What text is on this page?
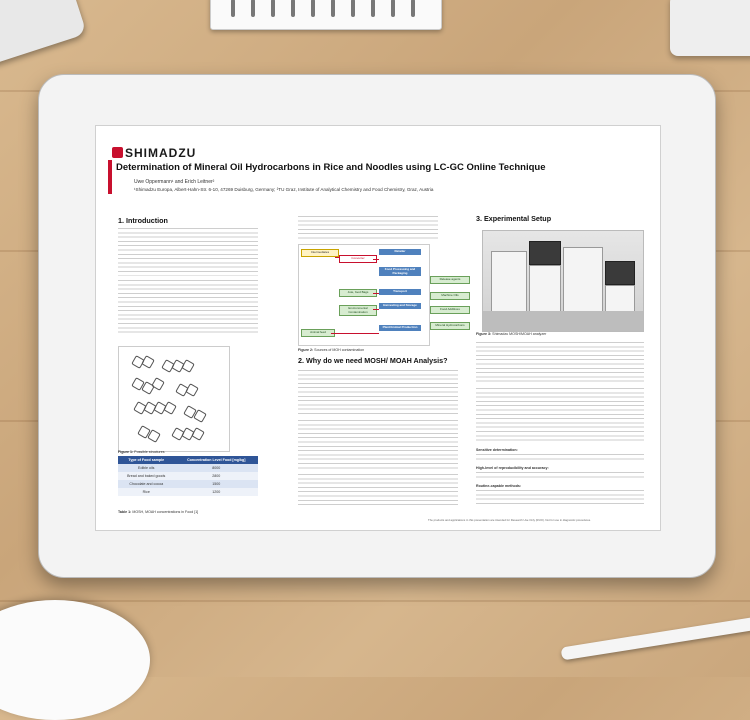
SHIMADZU
Determination of Mineral Oil Hydrocarbons in Rice and Noodles using LC-GC Online Technique
Uwe Oppermann¹ and Erich Leitner²
¹Shimadzu Europa, Albert-Hahn-Str. 6-10, 47269 Duisburg, Germany; ²TU Graz, Institute of Analytical Chemistry and Food Chemistry, Graz, Austria
1. Introduction
Figure 1: Possible structures
Type of Food sample	Concentration Level Food [mg/kg]
Edible oils	8000
Bread and baked goods	2800
Chocolate and cocoa	1500
Rice	1200
Table 1: MOSH, MOAH concentrations in Food [1]
Intermediates
Converter
Retailer
Food Processing and Packaging
Transport
Harvesting and Storage
Plant/Animal Production
Jute, food Bags
Environmental Contamination
Animal feed
Release agents
Machine Oils
Food Additives
Mineral Hydrocarbons
Figure 2: Sources of MOH contamination
2. Why do we need MOSH/ MOAH Analysis?
3. Experimental Setup
Figure 3: Shimadzu MOSH/MOAH analyzer
Sensitive determination:
High-level of reproducibility and accuracy:
Routine-capable methods:
The products and applications in this presentation are intended for Research Use Only (RUO). Not for use in diagnostic procedures.
